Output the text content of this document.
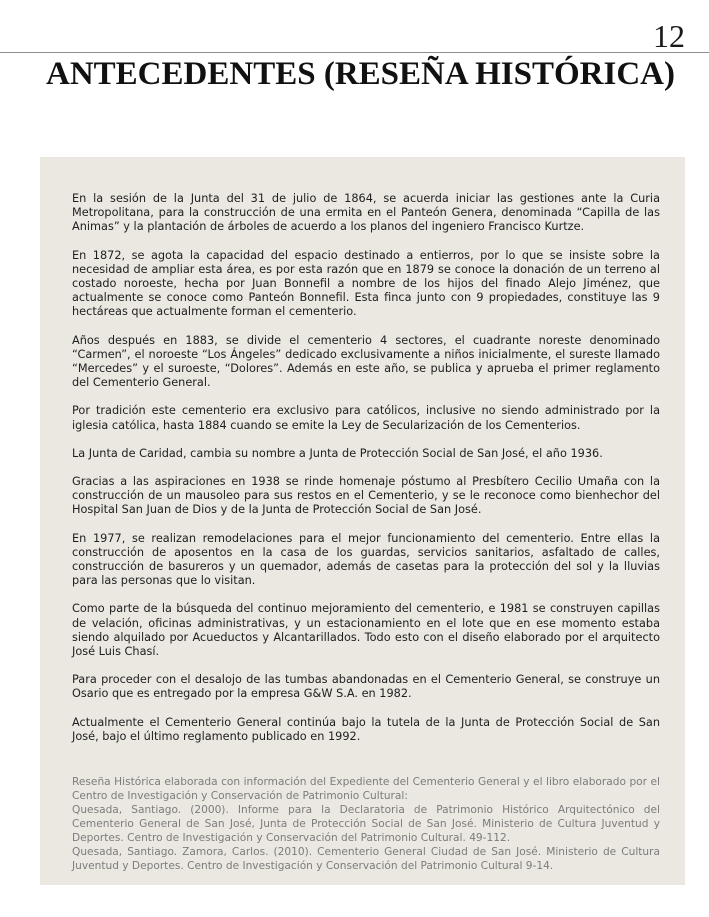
12
ANTECEDENTES (RESEÑA HISTÓRICA)

En la sesión de la Junta del 31 de julio de 1864, se acuerda iniciar las gestiones ante la Curia Metropolitana, para la construcción de una ermita en el Panteón Genera, denominada “Capilla de las Animas” y la plantación de árboles de acuerdo a los planos del ingeniero Francisco Kurtze.

En 1872, se agota la capacidad del espacio destinado a entierros, por lo que se insiste sobre la necesidad de ampliar esta área, es por esta razón que en 1879 se conoce la donación de un terreno al costado noroeste, hecha por Juan Bonnefil a nombre de los hijos del finado Alejo Jiménez, que actualmente se conoce como Panteón Bonnefil. Esta finca junto con 9 propiedades, constituye las 9 hectáreas que actualmente forman el cementerio.

Años después en 1883, se divide el cementerio 4 sectores, el cuadrante noreste denominado “Carmen”, el noroeste “Los Ángeles” dedicado exclusivamente a niños inicialmente, el sureste llamado “Mercedes” y el suroeste, “Dolores”. Además en este año, se publica y aprueba el primer reglamento del Cementerio General.

Por tradición este cementerio era exclusivo para católicos, inclusive no siendo administrado por la iglesia católica, hasta 1884 cuando se emite la Ley de Secularización de los Cementerios.

La Junta de Caridad, cambia su nombre a Junta de Protección Social de San José, el año 1936.

Gracias a las aspiraciones en 1938 se rinde homenaje póstumo al Presbítero Cecilio Umaña con la construcción de un mausoleo para sus restos en el Cementerio, y se le reconoce como bienhechor del Hospital San Juan de Dios y de la Junta de Protección Social de San José.

En 1977, se realizan remodelaciones para el mejor funcionamiento del cementerio. Entre ellas la construcción de aposentos en la casa de los guardas, servicios sanitarios, asfaltado de calles, construcción de basureros y un quemador, además de casetas para la protección del sol y la lluvias para las personas que lo visitan.

Como parte de la búsqueda del continuo mejoramiento del cementerio, e 1981 se construyen capillas de velación, oficinas administrativas, y un estacionamiento en el lote que en ese momento estaba siendo alquilado por Acueductos y Alcantarillados. Todo esto con el diseño elaborado por el arquitecto José Luis Chasí.

Para proceder con el desalojo de las tumbas abandonadas en el Cementerio General, se construye un Osario que es entregado por la empresa G&W S.A. en 1982.

Actualmente el Cementerio General continúa bajo la tutela de la Junta de Protección Social de San José, bajo el último reglamento publicado en 1992.

Reseña Histórica elaborada con información del Expediente del Cementerio General y el libro elaborado por el Centro de Investigación y Conservación de Patrimonio Cultural:

Quesada, Santiago. (2000). Informe para la Declaratoria de Patrimonio Histórico Arquitectónico del Cementerio General de San José, Junta de Protección Social de San José. Ministerio de Cultura Juventud y Deportes. Centro de Investigación y Conservación del Patrimonio Cultural. 49-112.

Quesada, Santiago. Zamora, Carlos. (2010). Cementerio General Ciudad de San José. Ministerio de Cultura Juventud y Deportes. Centro de Investigación y Conservación del Patrimonio Cultural 9-14.
